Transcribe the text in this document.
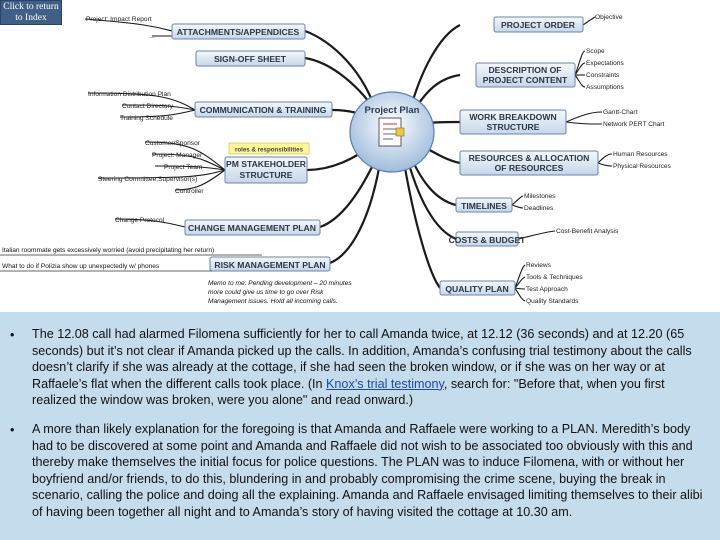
Project Plan
ATTACHMENTS/APPENDICES
SIGN-OFF SHEET
COMMUNICATION & TRAINING
PM STAKEHOLDER
STRUCTURE
CHANGE MANAGEMENT PLAN
RISK MANAGEMENT PLAN
PROJECT ORDER
DESCRIPTION OF
PROJECT CONTENT
WORK BREAKDOWN
STRUCTURE
RESOURCES & ALLOCATION
OF RESOURCES
TIMELINES
COSTS & BUDGET
QUALITY PLAN
roles & responsibilities
Project: Impact Report
...
Information Distribution Plan
Contact Directory
Training Schedule
Customer/Sponsor
Project: Manager
Project Team
Steering Committee;Supervisor(s)
Controller
Change Protocol
Objective
Scope
Expectations
Constraints
Assumptions
Gantt-Chart
Network PERT Chart
Human Resources
Physical Resources
Milestones
Deadlines
Cost-Benefit Analysis
Reviews
Tools & Techniques
Test Approach
Quality Standards
Italian roommate gets excessively worried (avoid precipitating her return)
What to do if Polizia show up unexpectedly w/ phones
Memo to me: Pending development – 20 minutes
more could give us time to go over Risk
Management issues. Hold all incoming calls.
Click to return
to Index
• The 12.08 call had alarmed Filomena sufficiently for her to call Amanda twice, at 12.12 (36 seconds) and at 12.20 (65 seconds) but it’s not clear if Amanda picked up the calls. In addition, Amanda’s confusing trial testimony about the calls doesn’t clarify if she was already at the cottage, if she had seen the broken window, or if she was on her way or at Raffaele’s flat when the different calls took place. (In Knox’s trial testimony, search for: "Before that, when you first realized the window was broken, were you alone" and read onward.)
• A more than likely explanation for the foregoing is that Amanda and Raffaele were working to a PLAN. Meredith’s body had to be discovered at some point and Amanda and Raffaele did not wish to be associated too obviously with this and thereby make themselves the initial focus for police questions. The PLAN was to induce Filomena, with or without her boyfriend and/or friends, to do this, blundering in and probably compromising the crime scene, buying the break in scenario, calling the police and doing all the explaining. Amanda and Raffaele envisaged limiting themselves to their alibi of having been together all night and to Amanda’s story of having visited the cottage at 10.30 am.
